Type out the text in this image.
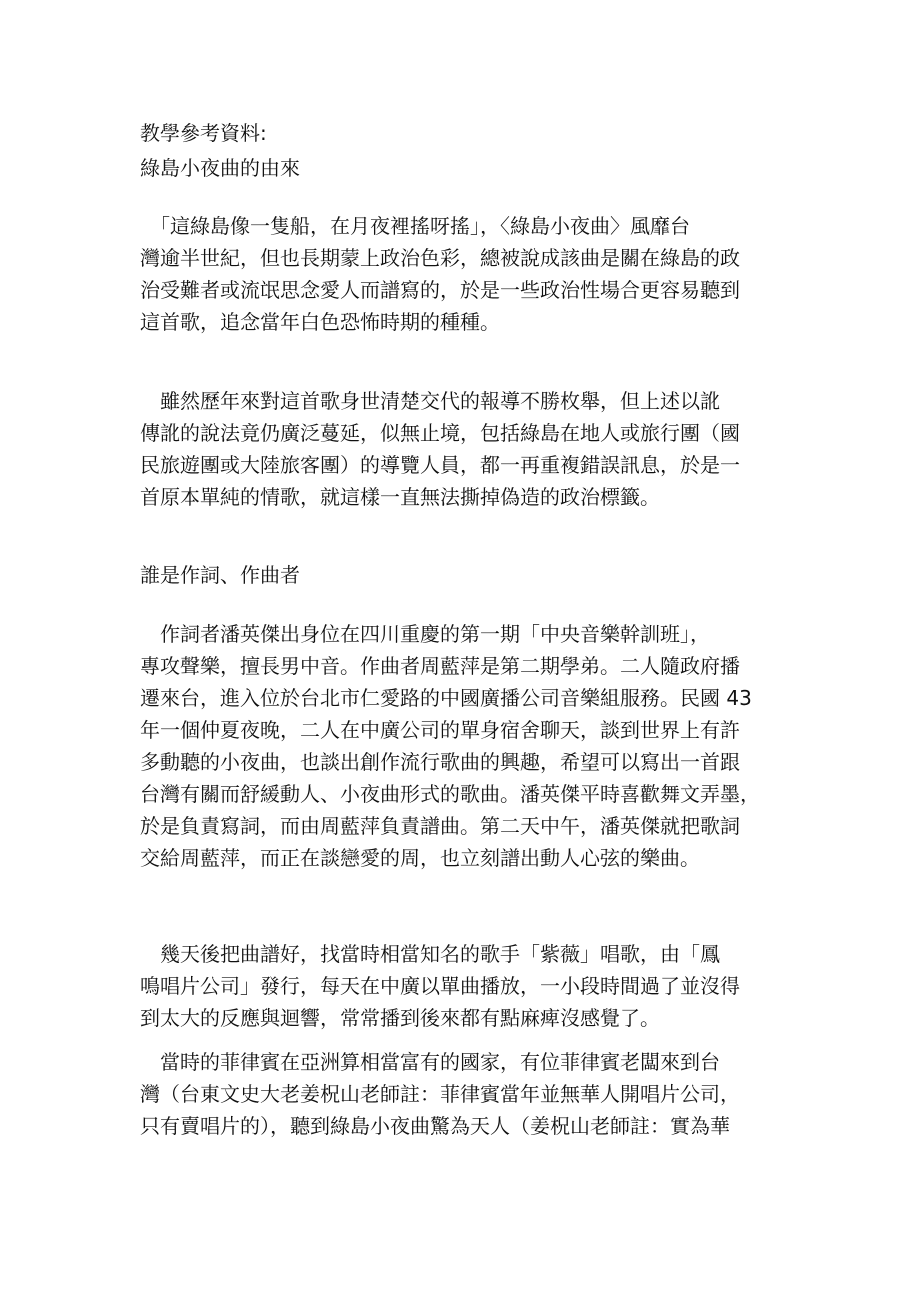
教學參考資料:
綠島小夜曲的由來
　「這綠島像一隻船，在月夜裡搖呀搖」，〈綠島小夜曲〉風靡台
灣逾半世紀，但也長期蒙上政治色彩，總被說成該曲是關在綠島的政
治受難者或流氓思念愛人而譜寫的，於是一些政治性場合更容易聽到
這首歌，追念當年白色恐怖時期的種種。
　雖然歷年來對這首歌身世清楚交代的報導不勝枚舉，但上述以訛
傳訛的說法竟仍廣泛蔓延，似無止境，包括綠島在地人或旅行團（國
民旅遊團或大陸旅客團）的導覽人員，都一再重複錯誤訊息，於是一
首原本單純的情歌，就這樣一直無法撕掉偽造的政治標籤。
誰是作詞、作曲者
　作詞者潘英傑出身位在四川重慶的第一期「中央音樂幹訓班」，
專攻聲樂，擅長男中音。作曲者周藍萍是第二期學弟。二人隨政府播
遷來台，進入位於台北市仁愛路的中國廣播公司音樂組服務。民國 43
年一個仲夏夜晚，二人在中廣公司的單身宿舍聊天，談到世界上有許
多動聽的小夜曲，也談出創作流行歌曲的興趣，希望可以寫出一首跟
台灣有關而舒緩動人、小夜曲形式的歌曲。潘英傑平時喜歡舞文弄墨，
於是負責寫詞，而由周藍萍負責譜曲。第二天中午，潘英傑就把歌詞
交給周藍萍，而正在談戀愛的周，也立刻譜出動人心弦的樂曲。
　幾天後把曲譜好，找當時相當知名的歌手「紫薇」唱歌，由「鳳
鳴唱片公司」發行，每天在中廣以單曲播放，一小段時間過了並沒得
到太大的反應與迴響，常常播到後來都有點麻痺沒感覺了。
　當時的菲律賓在亞洲算相當富有的國家，有位菲律賓老闆來到台
灣（台東文史大老姜柷山老師註：菲律賓當年並無華人開唱片公司，
只有賣唱片的），聽到綠島小夜曲驚為天人（姜柷山老師註：實為華
